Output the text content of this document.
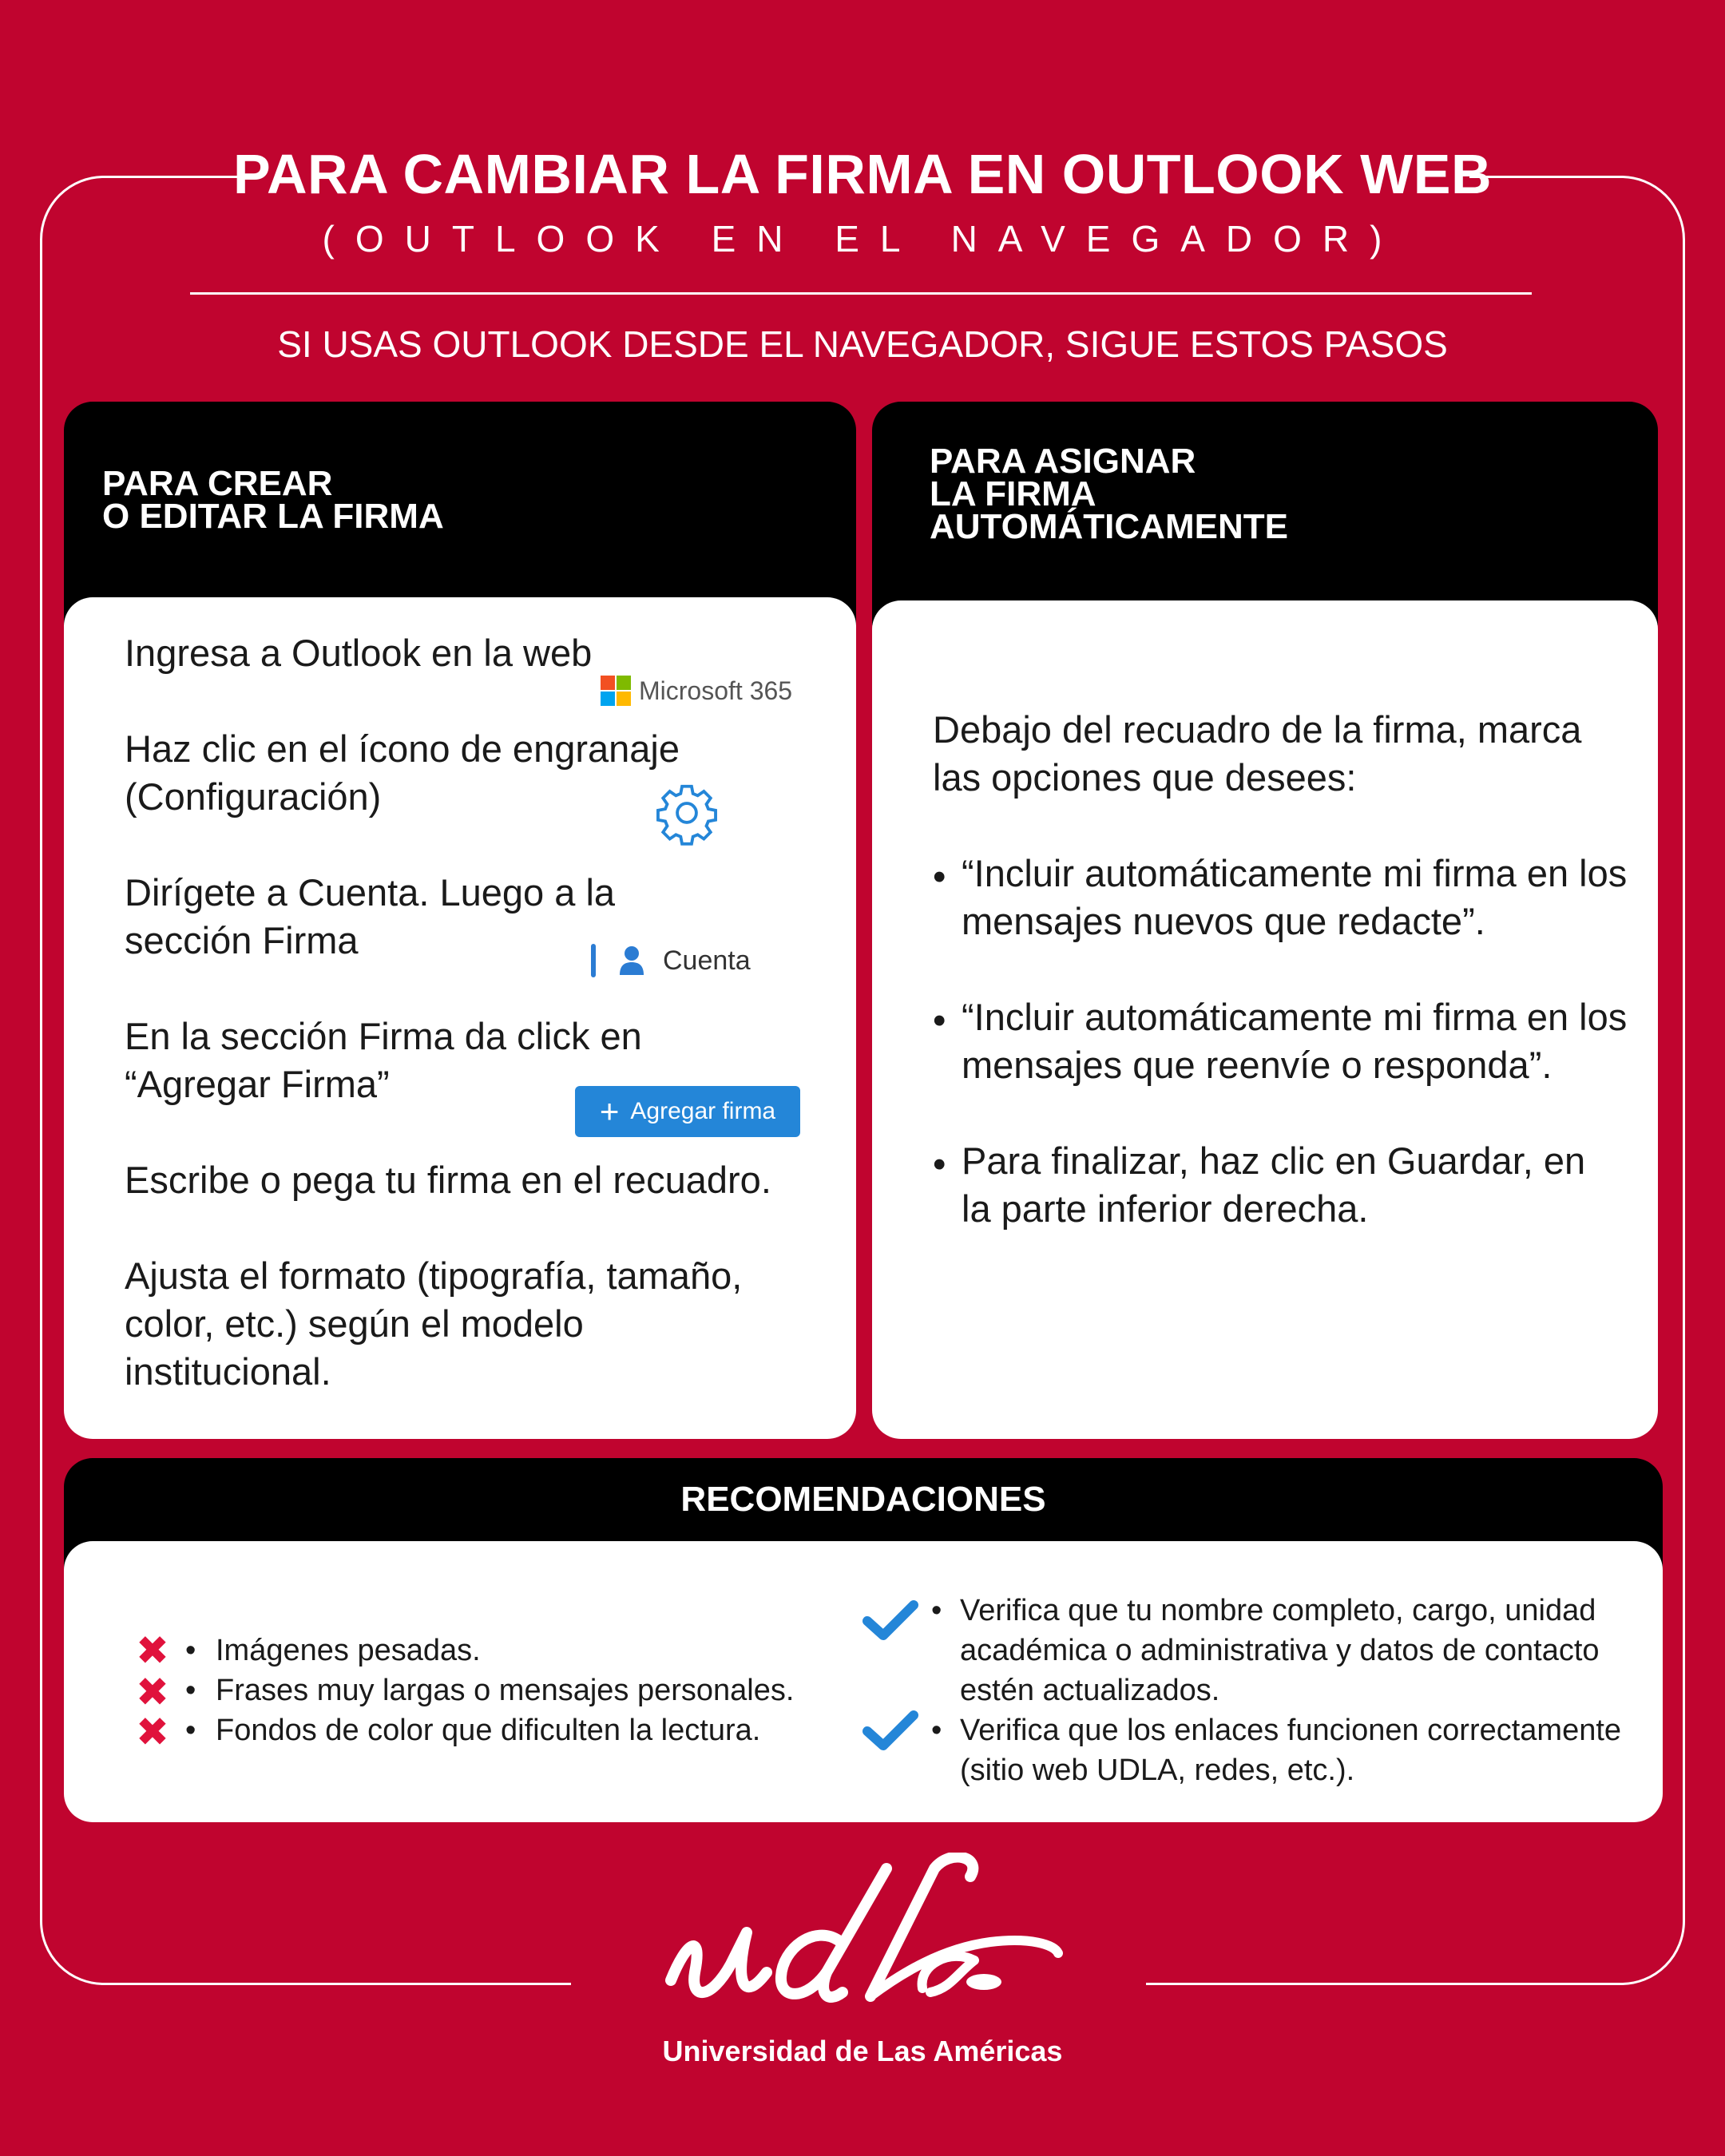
PARA CAMBIAR LA FIRMA EN OUTLOOK WEB
(OUTLOOK EN EL NAVEGADOR)
SI USAS OUTLOOK DESDE EL NAVEGADOR, SIGUE ESTOS PASOS
PARA CREAR
O EDITAR LA FIRMA
Ingresa a Outlook en la web
Microsoft 365
Haz clic en el ícono de engranaje (Configuración)
Dirígete a Cuenta. Luego a la sección Firma	Cuenta
En la sección Firma da click en “Agregar Firma”
+ Agregar firma
Escribe o pega tu firma en el recuadro.
Ajusta el formato (tipografía, tamaño, color, etc.) según el modelo institucional.
PARA ASIGNAR
LA FIRMA
AUTOMÁTICAMENTE
Debajo del recuadro de la firma, marca las opciones que desees:
• “Incluir automáticamente mi firma en los mensajes nuevos que redacte”.
• “Incluir automáticamente mi firma en los mensajes que reenvíe o responda”.
• Para finalizar, haz clic en Guardar, en la parte inferior derecha.
RECOMENDACIONES
✖ • Imágenes pesadas.
✖ • Frases muy largas o mensajes personales.
✖ • Fondos de color que dificulten la lectura.
• Verifica que tu nombre completo, cargo, unidad académica o administrativa y datos de contacto estén actualizados.
• Verifica que los enlaces funcionen correctamente (sitio web UDLA, redes, etc.).
Universidad de Las Américas
